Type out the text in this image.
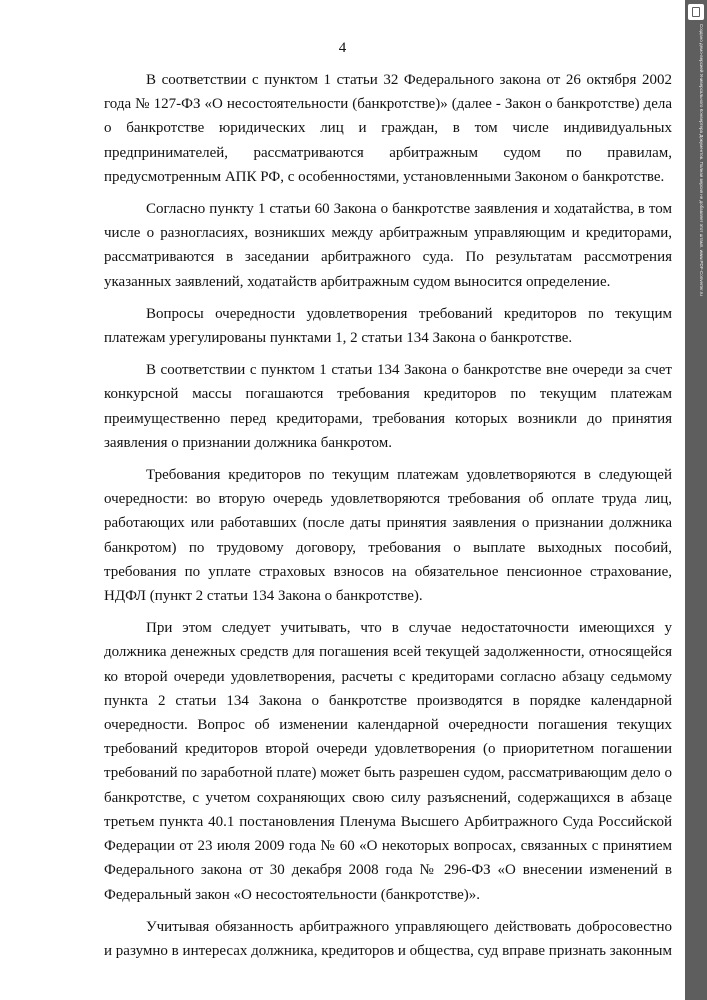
4

В соответствии с пунктом 1 статьи 32 Федерального закона от 26 октября 2002 года № 127-ФЗ «О несостоятельности (банкротстве)» (далее - Закон о банкротстве) дела о банкротстве юридических лиц и граждан, в том числе индивидуальных предпринимателей, рассматриваются арбитражным судом по правилам, предусмотренным АПК РФ, с особенностями, установленными Законом о банкротстве.

Согласно пункту 1 статьи 60 Закона о банкротстве заявления и ходатайства, в том числе о разногласиях, возникших между арбитражным управляющим и кредиторами, рассматриваются в заседании арбитражного суда. По результатам рассмотрения указанных заявлений, ходатайств арбитражным судом выносится определение.

Вопросы очередности удовлетворения требований кредиторов по текущим платежам урегулированы пунктами 1, 2 статьи 134 Закона о банкротстве.

В соответствии с пунктом 1 статьи 134 Закона о банкротстве вне очереди за счет конкурсной массы погашаются требования кредиторов по текущим платежам преимущественно перед кредиторами, требования которых возникли до принятия заявления о признании должника банкротом.

Требования кредиторов по текущим платежам удовлетворяются в следующей очередности: во вторую очередь удовлетворяются требования об оплате труда лиц, работающих или работавших (после даты принятия заявления о признании должника банкротом) по трудовому договору, требования о выплате выходных пособий, требования по уплате страховых взносов на обязательное пенсионное страхование, НДФЛ (пункт 2 статьи 134 Закона о банкротстве).

При этом следует учитывать, что в случае недостаточности имеющихся у должника денежных средств для погашения всей текущей задолженности, относящейся ко второй очереди удовлетворения, расчеты с кредиторами согласно абзацу седьмому пункта 2 статьи 134 Закона о банкротстве производятся в порядке календарной очередности. Вопрос об изменении календарной очередности погашения текущих требований кредиторов второй очереди удовлетворения (о приоритетном погашении требований по заработной плате) может быть разрешен судом, рассматривающим дело о банкротстве, с учетом сохраняющих свою силу разъяснений, содержащихся в абзаце третьем пункта 40.1 постановления Пленума Высшего Арбитражного Суда Российской Федерации от 23 июля 2009 года № 60 «О некоторых вопросах, связанных с принятием Федерального закона от 30 декабря 2008 года № 296-ФЗ «О внесении изменений в Федеральный закон «О несостоятельности (банкротстве)».

Учитывая обязанность арбитражного управляющего действовать добросовестно и разумно в интересах должника, кредиторов и общества, суд вправе признать законным

Создано демо-версией Универсального Конвертера Документов. Полная версия не добавляет этот штамп. www.PDF-Converter.ru
